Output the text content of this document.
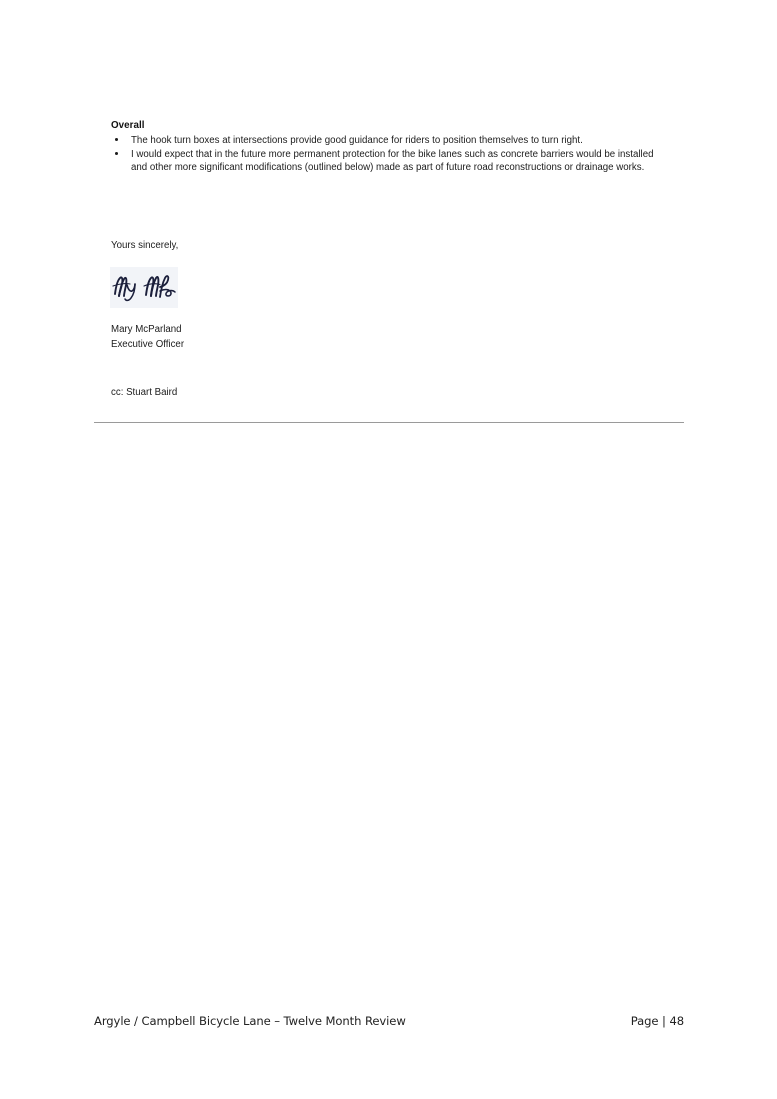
Overall

The hook turn boxes at intersections provide good guidance for riders to position themselves to turn right.
I would expect that in the future more permanent protection for the bike lanes such as concrete barriers would be installed and other more significant modifications (outlined below) made as part of future road reconstructions or drainage works.

Yours sincerely,

Mary McParland

Executive Officer

cc: Stuart Baird
Argyle / Campbell Bicycle Lane – Twelve Month Review	Page | 48
